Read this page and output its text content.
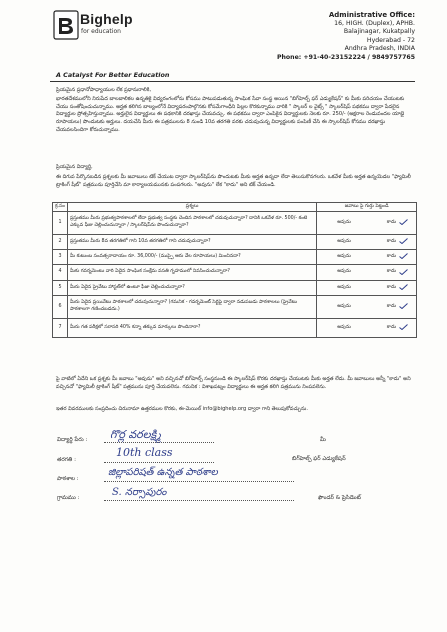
Bighelp
for education
A Catalyst For Better Education
Administrative Office:
16, HIGH. (Duplex), APHB.
Balajinagar, Kukatpally
Hyderabad - 72
Andhra Pradesh, INDIA
Phone: +91-40-23152224 / 9849757765
ప్రియమైన ప్రధానోపాధ్యాయుల లేక ప్రధానురాలికి,
భారతదేశములోని నిరుపేద బాలబాలికల ఉన్నతికై విద్యరంగంలోను కోసము పాటుపడుతున్న సాంఘిక సేవా సంస్థ అయిన "బిగ్‌హెల్ప్ ఫర్ ఎడ్యుకేషన్" కు మీకు పరిచయం చేయుటకు చేయు సంతోషించుచున్నాము. అర్హత కలిగిన బాల్యంలోనే విద్యాపరంపాల్గొనకు కోసమేగాంధీని పిల్లల కొరకున్నాము వారికి " స్కాలర్ ల వైట్స్ " స్కాలర్‌షిప్ పథకము ద్వారా పేదలైన విద్యార్థుల ప్రోత్సహిస్తున్నాము. అర్హులైన విద్యార్థులు ఈ పథకానికి దరఖాస్తు చేయవచ్చు. ఈ పథకము ద్వారా ఎంపికైన విద్యార్థులకు నెలకు రూ. 250/- (అక్షరాల రెండువందల యాభై రూపాయలు) పొందుటకు అర్హులు. దయచేసి మీరు ఈ పత్రములను 8 నుండి 10వ తరగతి వరకు చదువుచున్న విద్యార్థులకు పంపిణీ చేసి ఈ స్కాలర్‌షిప్ కోసము దరఖాస్తు చేయవలసిందిగా కోరుచున్నాము.
ప్రియమైన విద్యార్థి,
ఈ దిగువ పేర్కొనబడిన ప్రశ్నలకు మీ జవాబులు టిక్ చేయుట ద్వారా స్కాలర్‌షిప్‌ను పొందుటకు మీకు అర్హత ఉన్నదా లేదా తెలుసుకొనగలరు. ఒకవేళ మీకు అర్హత ఉన్నయెడల "ఫ్యామిలీ ట్రాకింగ్ షీట్" పత్రమును పూర్తిచేసి మా కార్యాలయమునకు పంపగలరు. "అవును" లేక "కాదు" అని టిక్ చేయండి.
క్ర.సం	ప్రశ్నలు	జవాబు పై గుర్తు పెట్టండి
1	ప్రస్తుతము మీరు ప్రభుత్వపాఠశాలలో లేదా ప్రభుత్వ సంస్థకు చెందిన పాఠశాలలో చదువుచున్నారా? దానికి ఒకవేళ రూ. 500/- కంటె ఎక్కువ ఫీజు చెల్లించుచున్నారా / స్కాలర్‌షిప్‌ను పొందుచున్నారా?	అవును కాదు

2	ప్రస్తుతము మీరు 8వ తరగతిలో గాని 10వ తరగతిలో గాని చదువుచున్నారా?	అవును కాదు

3	మీ కుటుంబ సంవత్సరాదాయం రూ. 36,000/- (ముప్పై ఆరు వేల రూపాయలు) మించినదా?	అవును కాదు

4	మీకు గవర్నమెంటు వారి ఏదైన సాంఘిక సంక్షేమ వసతి గృహములో నివసించుచున్నారా?	అవును కాదు

5	మీరు ఏదైన ప్రైవేటు హాస్టల్‌లో ఉంటూ ఫీజు చెల్లించుచున్నారా?	అవును కాదు

6	మీరు ఏదైన ప్రయివేటు పాఠశాలలో చదువుచున్నారా? (గమనిక - గవర్నమెంట్ సెర్టిఫై ద్వారా నడుపబడు పాఠశాలలు (ప్రైవేటు పాఠశాలగా గణించబడదు.)	అవును కాదు

7	మీరు గత పరీక్షలో సరాసరి 40% కన్నా తక్కువ మార్కులు పొందినారా?	అవును కాదు
పై వాటిలో ఏదేని ఒక ప్రశ్నకు మీ జవాబు "అవును" అని వచ్చినచో బిగ్‌హెల్ప్ సంస్థనుండి ఈ స్కాలర్‌షిప్ కొరకు దరఖాస్తు చేయుటకు మీకు అర్హత లేదు. మీ జవాబులు అన్నీ "కాదు" అని వచ్చినచో "ఫ్యామిలీ ట్రాకింగ్ షీట్" పత్రమును పూర్తి చేయవలెను. గమనిక : విశాఖపట్నం విద్యార్థులు ఈ అర్హత కలిగి పత్రమును నింపవలెను.
ఇతర వివరములకు సంప్రదించు చిరునామా ఉత్తరముల కొరకు, ఈ-మెయిల్ info@bighelp.org ద్వారా గాని తెలుపుకోవచ్చును.
విద్యార్థి పేరు : గొర్ల వరలక్ష్మి
తరగతి :
10th class
పాఠశాల :
జిల్లాపరిషత్ ఉన్నత పాఠశాల
గ్రామము :	S. నర్సాపురం
మీ
బిగ్‌హెల్ప్ ఫర్ ఎడ్యుకేషన్
ఫౌండర్ & ప్రెసిడెంట్
